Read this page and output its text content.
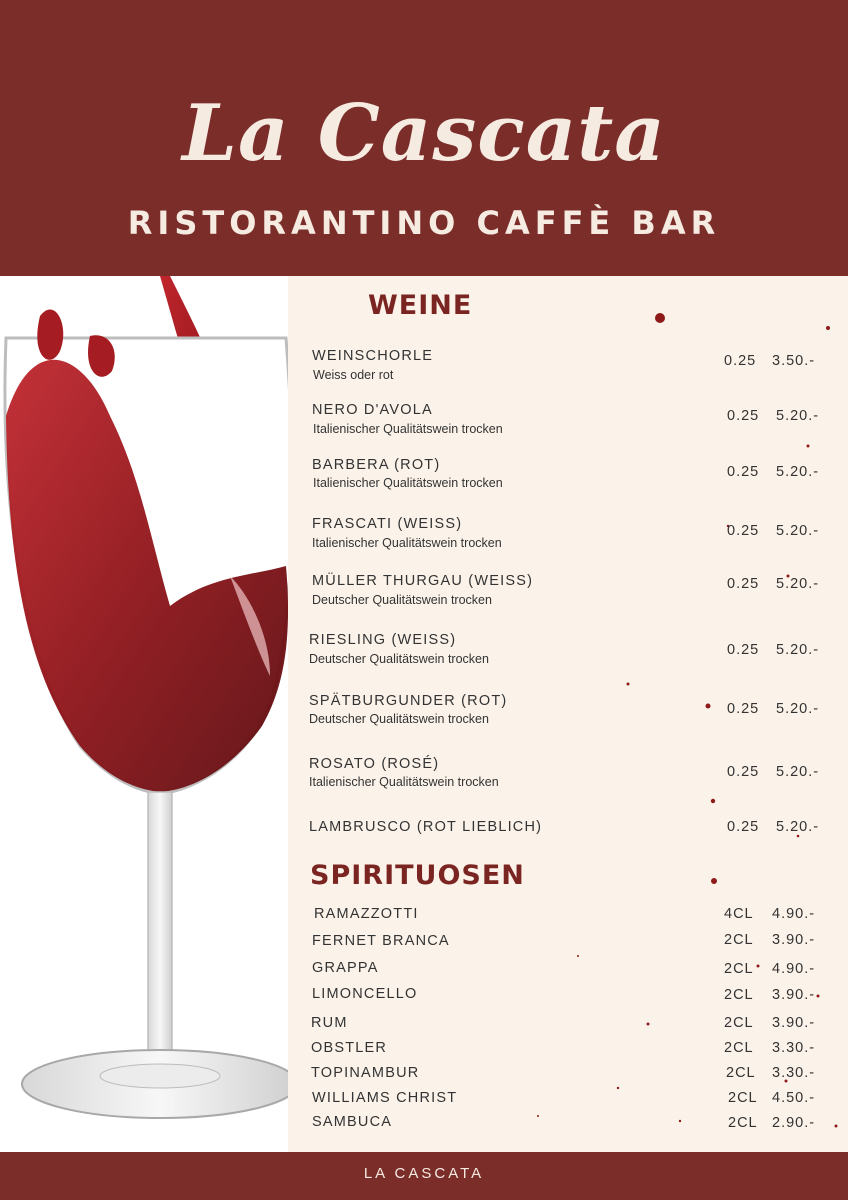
La Cascata
RISTORANTINO CAFFÈ BAR
WEINE
WEINSCHORLE
Weiss oder rot
0.25 3.50.-
NERO D'AVOLA
Italienischer Qualitätswein trocken
0.25 5.20.-
BARBERA (ROT)
Italienischer Qualitätswein trocken
0.25 5.20.-
FRASCATI (WEISS)
Italienischer Qualitätswein trocken
0.25 5.20.-
MÜLLER THURGAU (WEISS)
Deutscher Qualitätswein trocken
0.25 5.20.-
RIESLING (WEISS)
Deutscher Qualitätswein trocken
0.25 5.20.-
SPÄTBURGUNDER (ROT)
Deutscher Qualitätswein trocken
0.25 5.20.-
ROSATO (ROSÉ)
Italienischer Qualitätswein trocken
0.25 5.20.-
LAMBRUSCO (ROT LIEBLICH)	0.25 5.20.-
SPIRITUOSEN
RAMAZZOTTI	4CL 4.90.-
FERNET BRANCA	2CL 3.90.-
GRAPPA	2CL 4.90.-
LIMONCELLO	2CL 3.90.-
RUM	2CL 3.90.-
OBSTLER	2CL 3.30.-
TOPINAMBUR	2CL 3.30.-
WILLIAMS CHRIST	2CL 4.50.-
SAMBUCA	2CL 2.90.-
LA CASCATA
